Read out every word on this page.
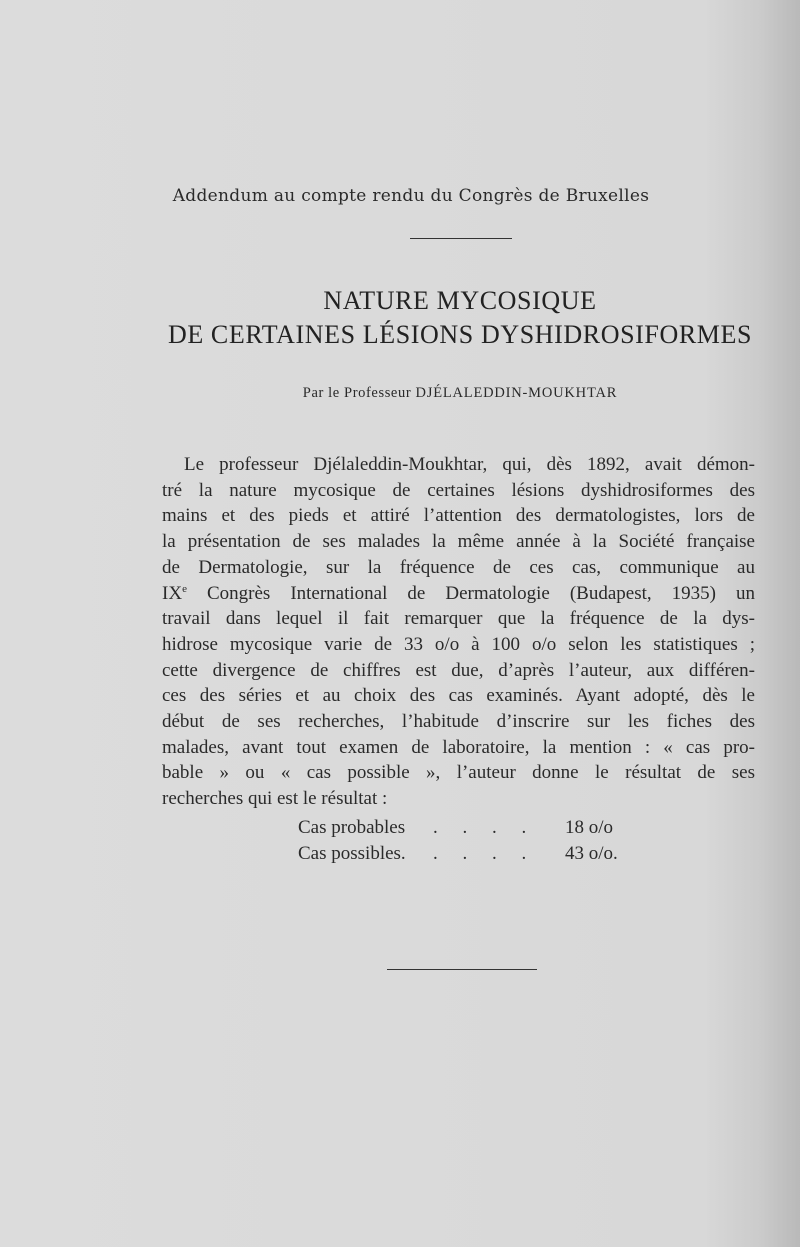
Addendum au compte rendu du Congrès de Bruxelles
NATURE MYCOSIQUE
DE CERTAINES LÉSIONS DYSHIDROSIFORMES
Par le Professeur DJÉLALEDDIN-MOUKHTAR
Le professeur Djélaleddin-Moukhtar, qui, dès 1892, avait démon-
tré la nature mycosique de certaines lésions dyshidrosiformes des
mains et des pieds et attiré l’attention des dermatologistes, lors de
la présentation de ses malades la même année à la Société française
de Dermatologie, sur la fréquence de ces cas, communique au
IXe Congrès International de Dermatologie (Budapest, 1935) un
travail dans lequel il fait remarquer que la fréquence de la dys-
hidrose mycosique varie de 33 o/o à 100 o/o selon les statistiques ;
cette divergence de chiffres est due, d’après l’auteur, aux différen-
ces des séries et au choix des cas examinés. Ayant adopté, dès le
début de ses recherches, l’habitude d’inscrire sur les fiches des
malades, avant tout examen de laboratoire, la mention : « cas pro-
bable » ou « cas possible », l’auteur donne le résultat de ses
recherches qui est le résultat :
Cas probables	. . . .	18 o/o
Cas possibles.	. . . .	43 o/o.
